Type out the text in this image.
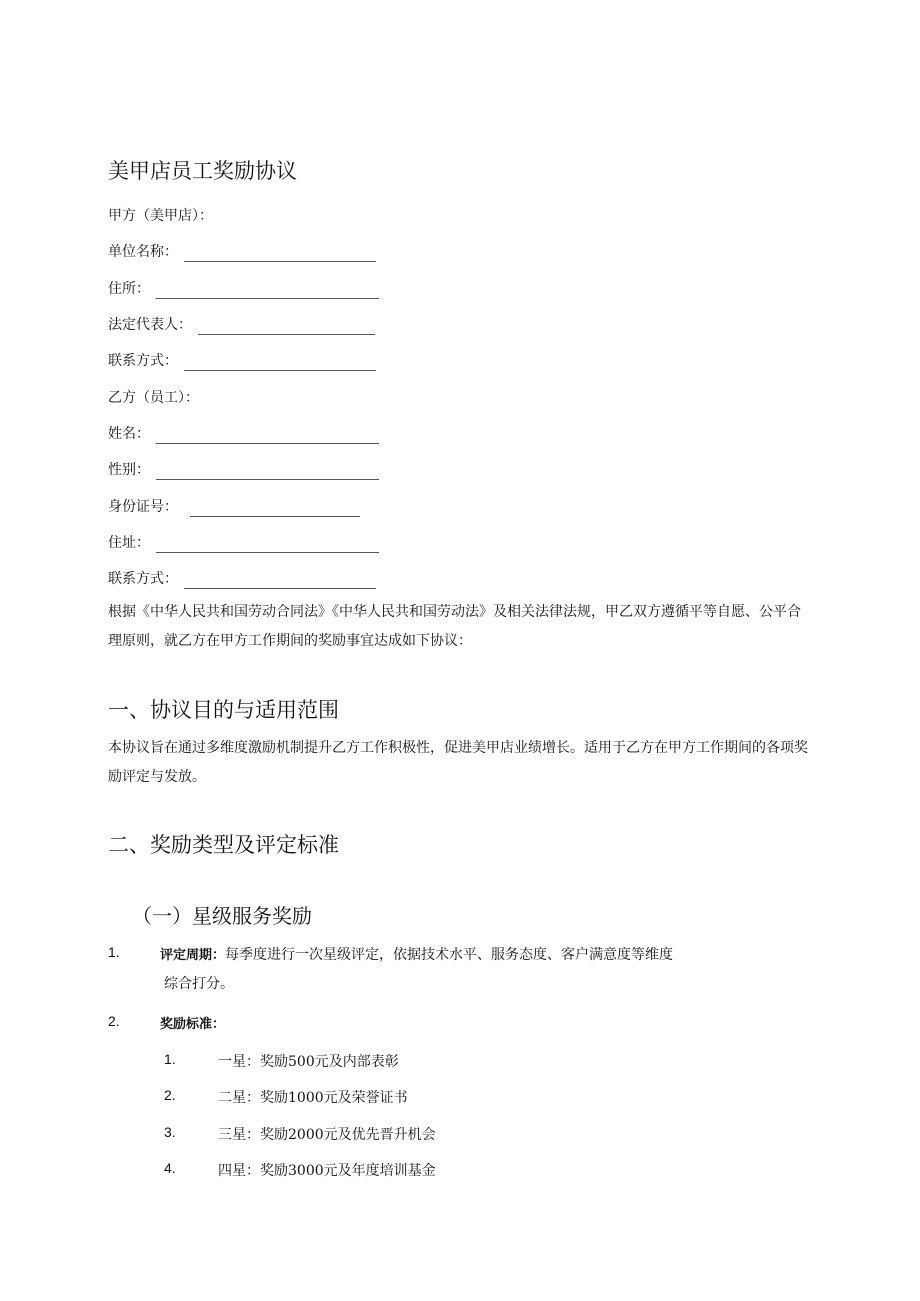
美甲店员工奖励协议
甲方（美甲店）：
单位名称：
住所：
法定代表人：
联系方式：
乙方（员工）：
姓名：
性别：
身份证号：
住址：
联系方式：
根据《中华人民共和国劳动合同法》《中华人民共和国劳动法》及相关法律法规，甲乙双方遵循平等自愿、公平合理原则，就乙方在甲方工作期间的奖励事宜达成如下协议：
一、协议目的与适用范围
本协议旨在通过多维度激励机制提升乙方工作积极性，促进美甲店业绩增长。适用于乙方在甲方工作期间的各项奖励评定与发放。
二、奖励类型及评定标准
（一）星级服务奖励
1.	评定周期：每季度进行一次星级评定，依据技术水平、服务态度、客户满意度等维度
综合打分。
2.	奖励标准：
1.	一星：奖励500元及内部表彰
2.	二星：奖励1000元及荣誉证书
3.	三星：奖励2000元及优先晋升机会
4.	四星：奖励3000元及年度培训基金
